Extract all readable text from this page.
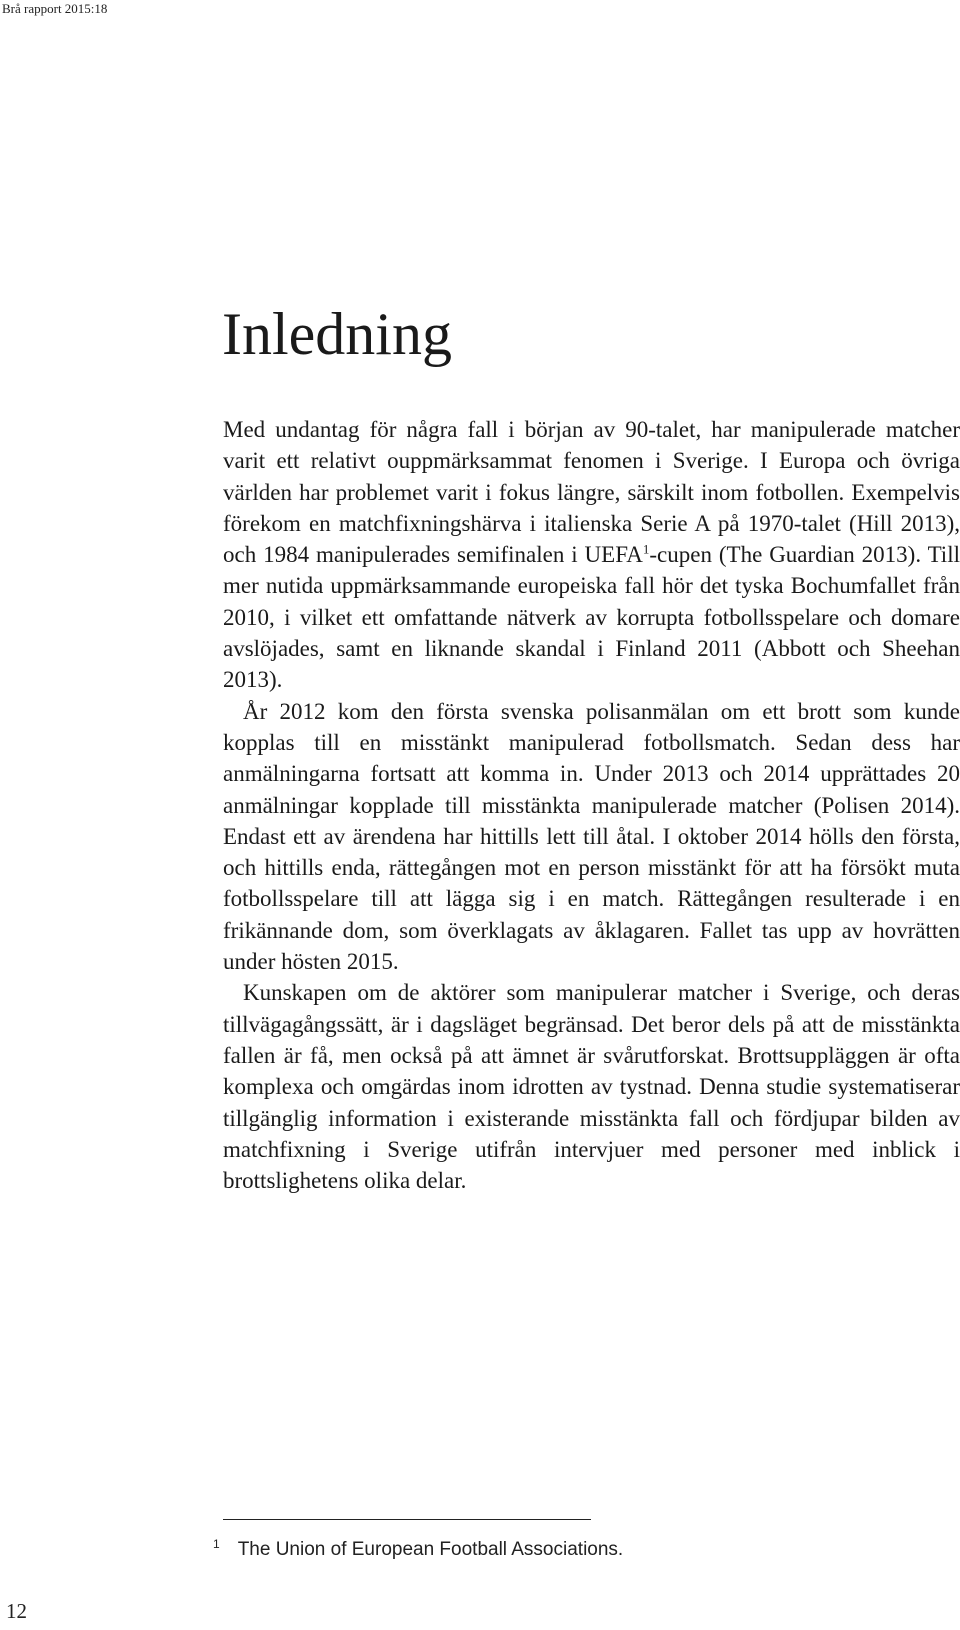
Brå rapport 2015:18
Inledning

Med undantag för några fall i början av 90-talet, har manipulerade matcher varit ett relativt ouppmärksammat fenomen i Sverige. I Europa och övriga världen har problemet varit i fokus längre, särskilt inom fotbollen. Exempelvis förekom en matchfixningshärva i italienska Serie A på 1970-talet (Hill 2013), och 1984 manipulerades semifinalen i UEFA$^1$-cupen (The Guardian 2013). Till mer nutida uppmärksammande europeiska fall hör det tyska Bochumfallet från 2010, i vilket ett omfattande nätverk av korrupta fotbollsspelare och domare avslöjades, samt en liknande skandal i Finland 2011 (Abbott och Sheehan 2013).

År 2012 kom den första svenska polisanmälan om ett brott som kunde kopplas till en misstänkt manipulerad fotbollsmatch. Sedan dess har anmälningarna fortsatt att komma in. Under 2013 och 2014 upprättades 20 anmälningar kopplade till misstänkta manipulerade matcher (Polisen 2014). Endast ett av ärendena har hittills lett till åtal. I oktober 2014 hölls den första, och hittills enda, rättegången mot en person misstänkt för att ha försökt muta fotbollsspelare till att lägga sig i en match. Rättegången resulterade i en frikännande dom, som överklagats av åklagaren. Fallet tas upp av hovrätten under hösten 2015.

Kunskapen om de aktörer som manipulerar matcher i Sverige, och deras tillvägagångssätt, är i dagsläget begränsad. Det beror dels på att de misstänkta fallen är få, men också på att ämnet är svårutforskat. Brottsuppläggen är ofta komplexa och omgärdas inom idrotten av tystnad. Denna studie systematiserar tillgänglig information i existerande misstänkta fall och fördjupar bilden av matchfixning i Sverige utifrån intervjuer med personer med inblick i brottslighetens olika delar.

$^1$ The Union of European Football Associations.
12
